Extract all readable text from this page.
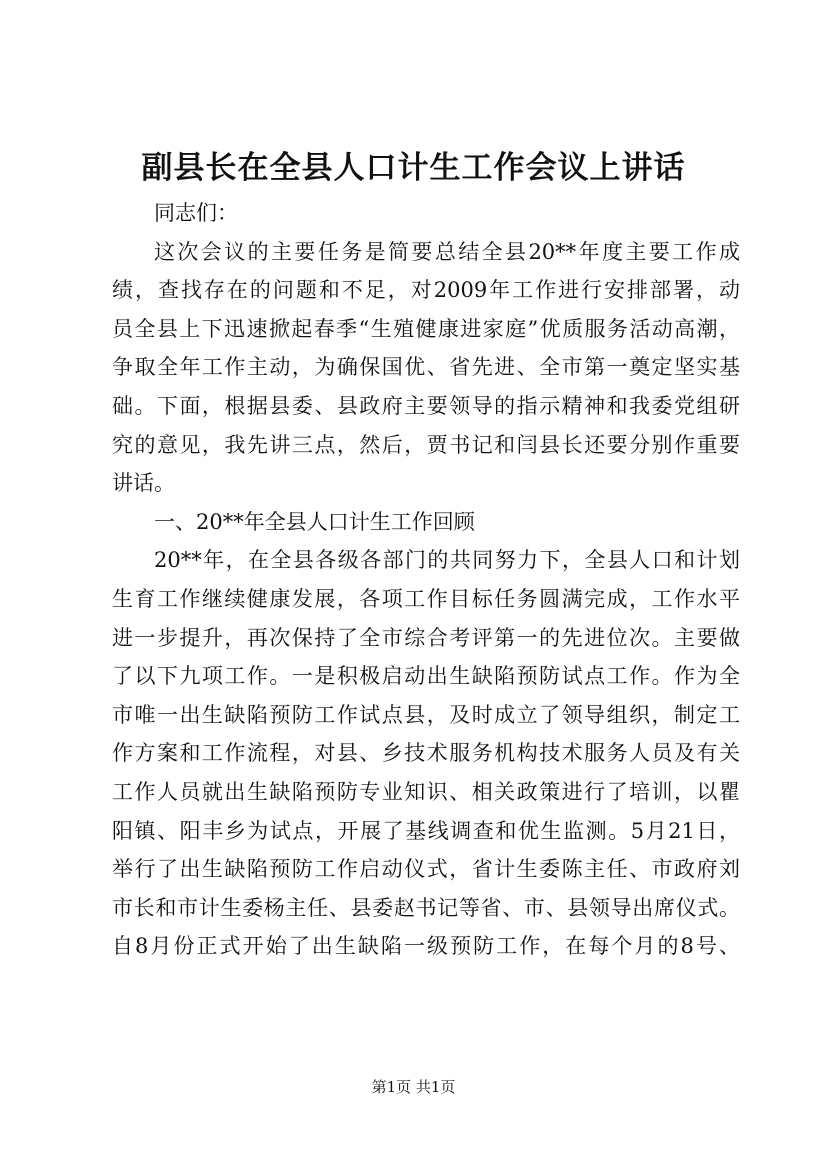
副县长在全县人口计生工作会议上讲话
同志们：
这次会议的主要任务是简要总结全县20**年度主要工作成
绩，查找存在的问题和不足，对2009年工作进行安排部署，动
员全县上下迅速掀起春季“生殖健康进家庭”优质服务活动高潮，
争取全年工作主动，为确保国优、省先进、全市第一奠定坚实基
础。下面，根据县委、县政府主要领导的指示精神和我委党组研
究的意见，我先讲三点，然后，贾书记和闫县长还要分别作重要
讲话。
一、20**年全县人口计生工作回顾
20**年，在全县各级各部门的共同努力下，全县人口和计划
生育工作继续健康发展，各项工作目标任务圆满完成，工作水平
进一步提升，再次保持了全市综合考评第一的先进位次。主要做
了以下九项工作。一是积极启动出生缺陷预防试点工作。作为全
市唯一出生缺陷预防工作试点县，及时成立了领导组织，制定工
作方案和工作流程，对县、乡技术服务机构技术服务人员及有关
工作人员就出生缺陷预防专业知识、相关政策进行了培训，以瞿
阳镇、阳丰乡为试点，开展了基线调查和优生监测。5月21日，
举行了出生缺陷预防工作启动仪式，省计生委陈主任、市政府刘
市长和市计生委杨主任、县委赵书记等省、市、县领导出席仪式。
自8月份正式开始了出生缺陷一级预防工作，在每个月的8号、
第1页 共1页
